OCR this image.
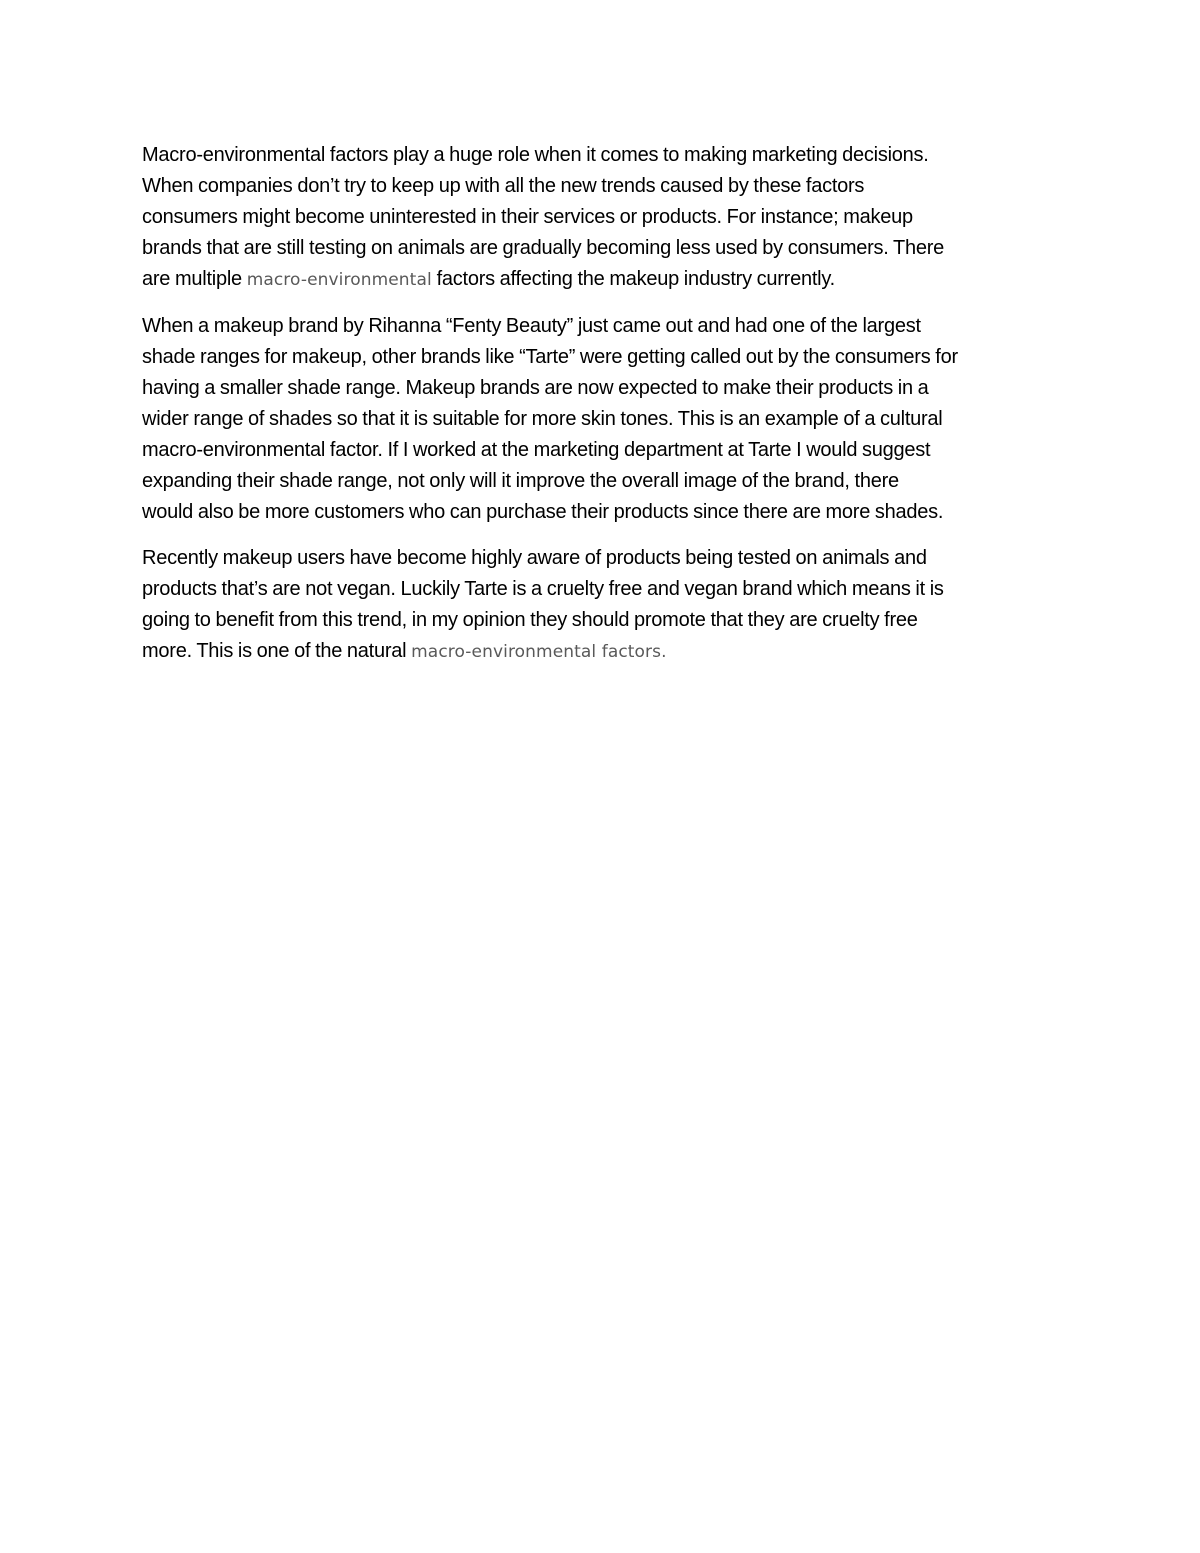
Macro-environmental factors play a huge role when it comes to making marketing decisions.
When companies don’t try to keep up with all the new trends caused by these factors
consumers might become uninterested in their services or products. For instance; makeup
brands that are still testing on animals are gradually becoming less used by consumers. There
are multiple macro-environmental factors affecting the makeup industry currently.
When a makeup brand by Rihanna “Fenty Beauty” just came out and had one of the largest
shade ranges for makeup, other brands like “Tarte” were getting called out by the consumers for
having a smaller shade range. Makeup brands are now expected to make their products in a
wider range of shades so that it is suitable for more skin tones. This is an example of a cultural
macro-environmental factor. If I worked at the marketing department at Tarte I would suggest
expanding their shade range, not only will it improve the overall image of the brand, there
would also be more customers who can purchase their products since there are more shades.
Recently makeup users have become highly aware of products being tested on animals and
products that’s are not vegan. Luckily Tarte is a cruelty free and vegan brand which means it is
going to benefit from this trend, in my opinion they should promote that they are cruelty free
more. This is one of the natural macro-environmental factors.
